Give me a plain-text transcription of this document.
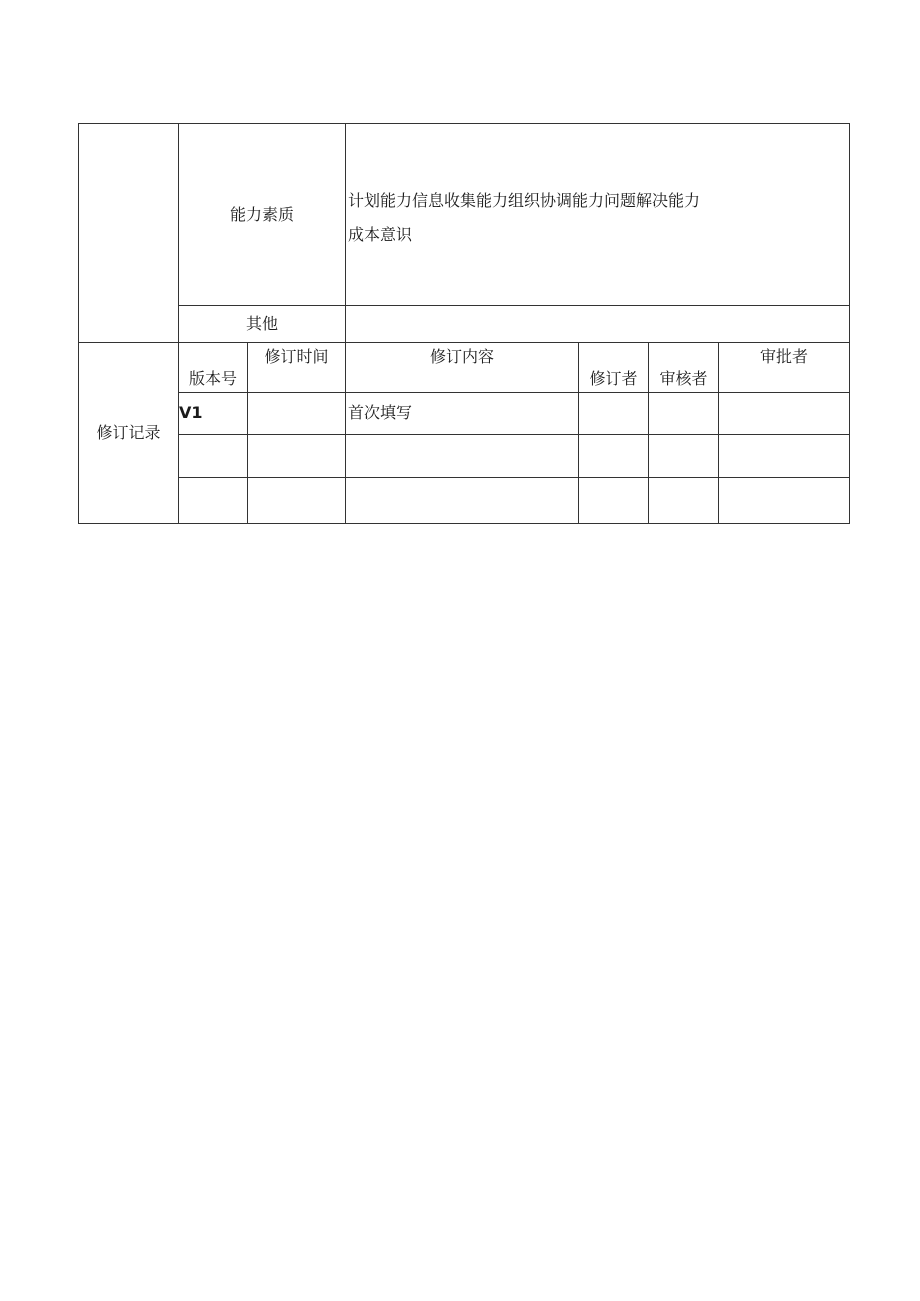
	能力素质		计划能力信息收集能力组织协调能力问题解决能力
成本意识			

	其他					
修订记录	版本号	修订时间	修订内容	修订者	审核者	审批者
	V1		首次填写			
